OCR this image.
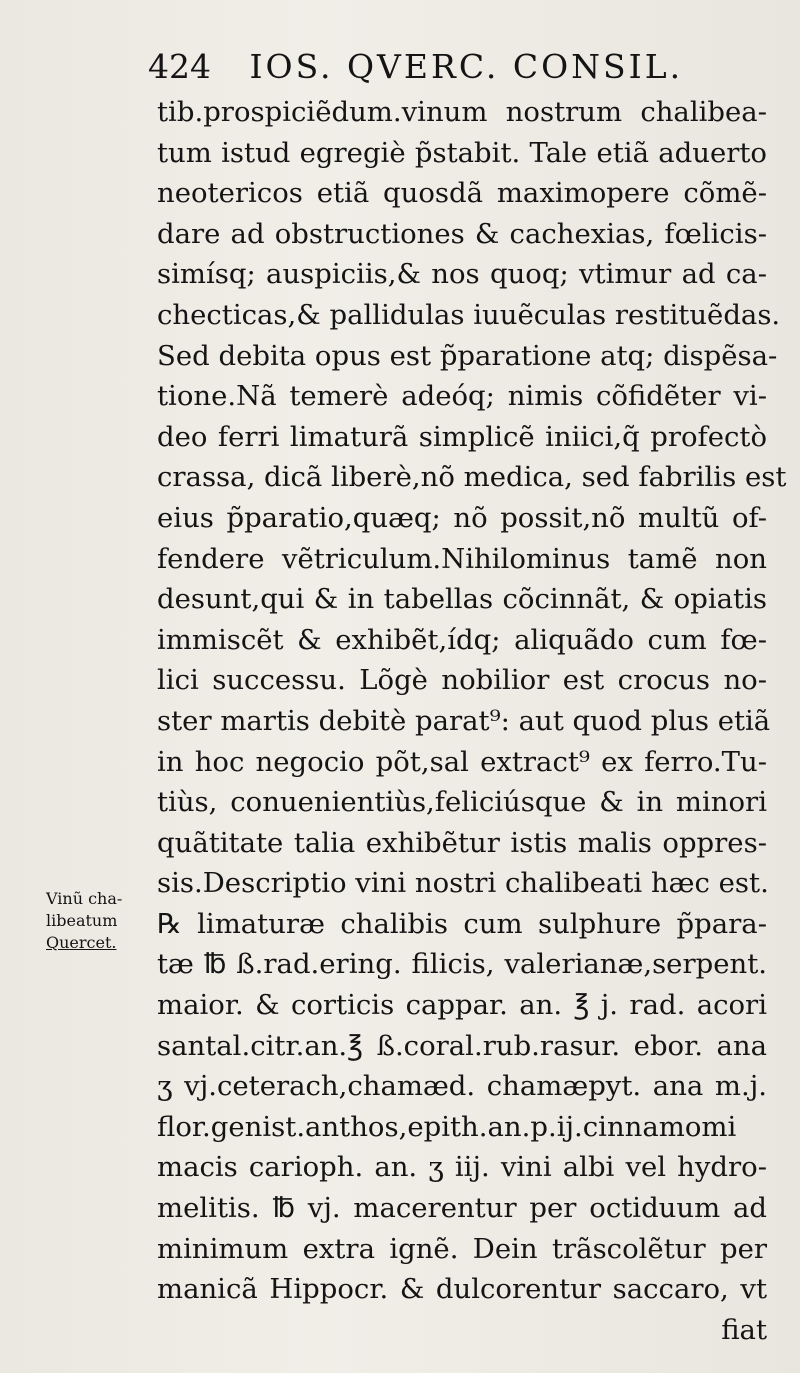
424 IOS. QVERC. CONSIL.
tib.prospiciẽdum.vinum nostrum chalibea-
tum istud egregiè p̃stabit. Tale etiã aduerto
neotericos etiã quosdã maximopere cõmẽ-
dare ad obstructiones & cachexias, fœlicis-
simísq; auspiciis,& nos quoq; vtimur ad ca-
checticas,& pallidulas iuuẽculas restituẽdas.
Sed debita opus est p̃paratione atq; dispẽsa-
tione.Nã temerè adeóq; nimis cõfidẽter vi-
deo ferri limaturã simplicẽ iniici,q̃ profectò
crassa, dicã liberè,nõ medica, sed fabrilis est
eius p̃paratio,quæq; nõ possit,nõ multũ of-
fendere vẽtriculum.Nihilominus tamẽ non
desunt,qui & in tabellas cõcinnãt, & opiatis
immiscẽt & exhibẽt,ídq; aliquãdo cum fœ-
lici successu. Lõgè nobilior est crocus no-
ster martis debitè parat⁹: aut quod plus etiã
in hoc negocio põt,sal extract⁹ ex ferro.Tu-
tiùs, conuenientiùs,feliciúsque & in minori
quãtitate talia exhibẽtur istis malis oppres-
sis.Descriptio vini nostri chalibeati hæc est.
℞ limaturæ chalibis cum sulphure p̃para-
tæ ℔ ß.rad.ering. filicis, valerianæ,serpent.
maior. & corticis cappar. an. ℥ j. rad. acori
santal.citr.an.℥ ß.coral.rub.rasur. ebor. ana
ʒ vj.ceterach,chamæd. chamæpyt. ana m.j.
flor.genist.anthos,epith.an.p.ij.cinnamomi
macis carioph. an. ʒ iij. vini albi vel hydro-
melitis. ℔ vj. macerentur per octiduum ad
minimum extra ignẽ. Dein trãscolẽtur per
manicã Hippocr. & dulcorentur saccaro, vt
fiat
Vinũ cha-
libeatum
Quercet.
